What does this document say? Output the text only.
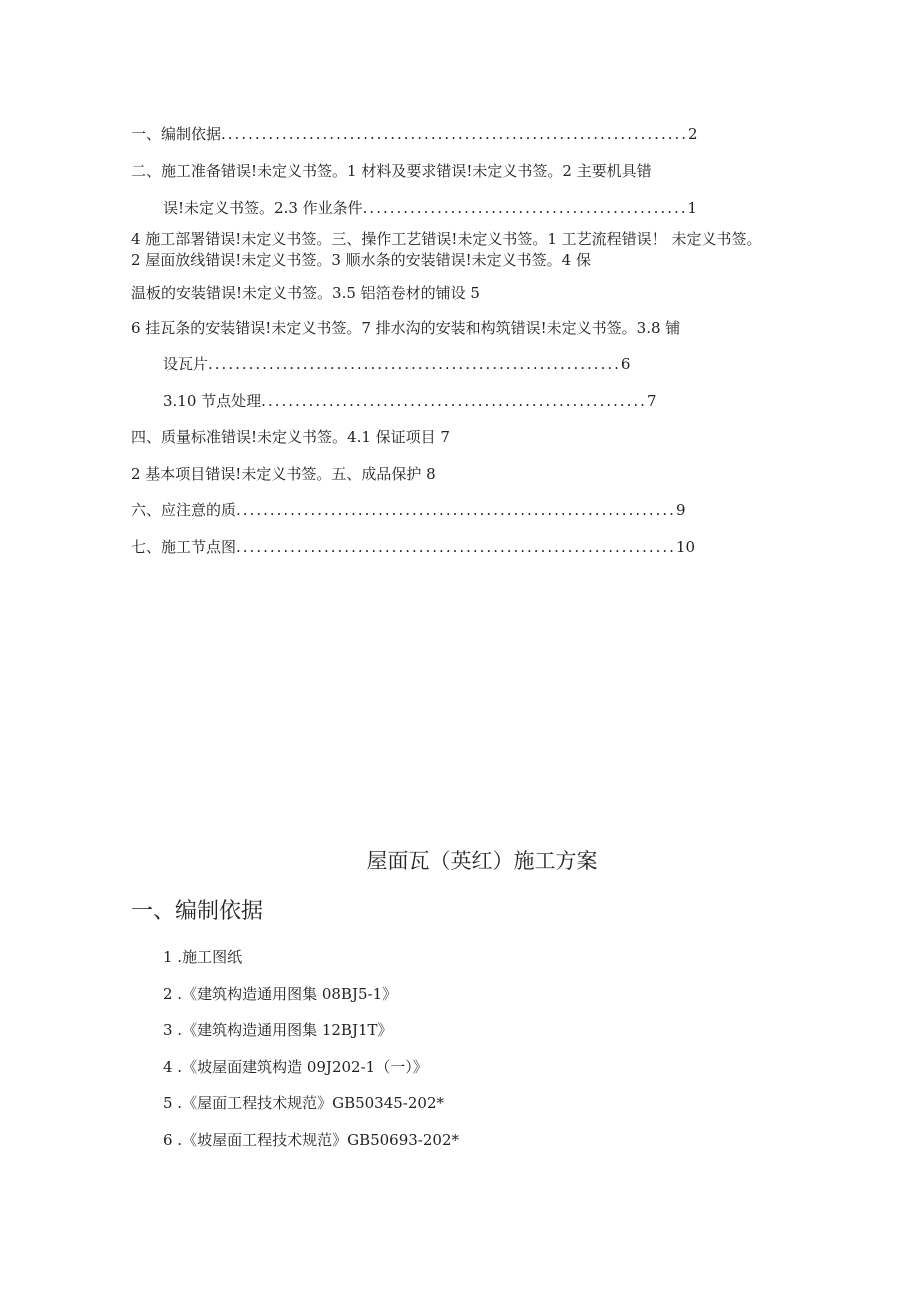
一、编制依据.....................................................................2
二、施工准备错误!未定义书签。1 材料及要求错误!未定义书签。2 主要机具错
误!未定义书签。2.3 作业条件................................................1
4 施工部署错误!未定义书签。三、操作工艺错误!未定义书签。1 工艺流程错误！ 未定义书签。
2 屋面放线错误!未定义书签。3 顺水条的安装错误!未定义书签。4 保
温板的安装错误!未定义书签。3.5 铝箔卷材的铺设 5
6 挂瓦条的安装错误!未定义书签。7 排水沟的安装和构筑错误!未定义书签。3.8 铺
设瓦片.............................................................6
3.10 节点处理.........................................................7
四、质量标准错误!未定义书签。4.1 保证项目 7
2 基本项目错误!未定义书签。五、成品保护 8
六、应注意的质.................................................................9
七、施工节点图.................................................................10
屋面瓦（英红）施工方案
一、编制依据
1 .施工图纸
2 .《建筑构造通用图集 08BJ5-1》
3 .《建筑构造通用图集 12BJ1T》
4 .《坡屋面建筑构造 09J202-1（一）》
5 .《屋面工程技术规范》GB50345-202*
6 .《坡屋面工程技术规范》GB50693-202*
